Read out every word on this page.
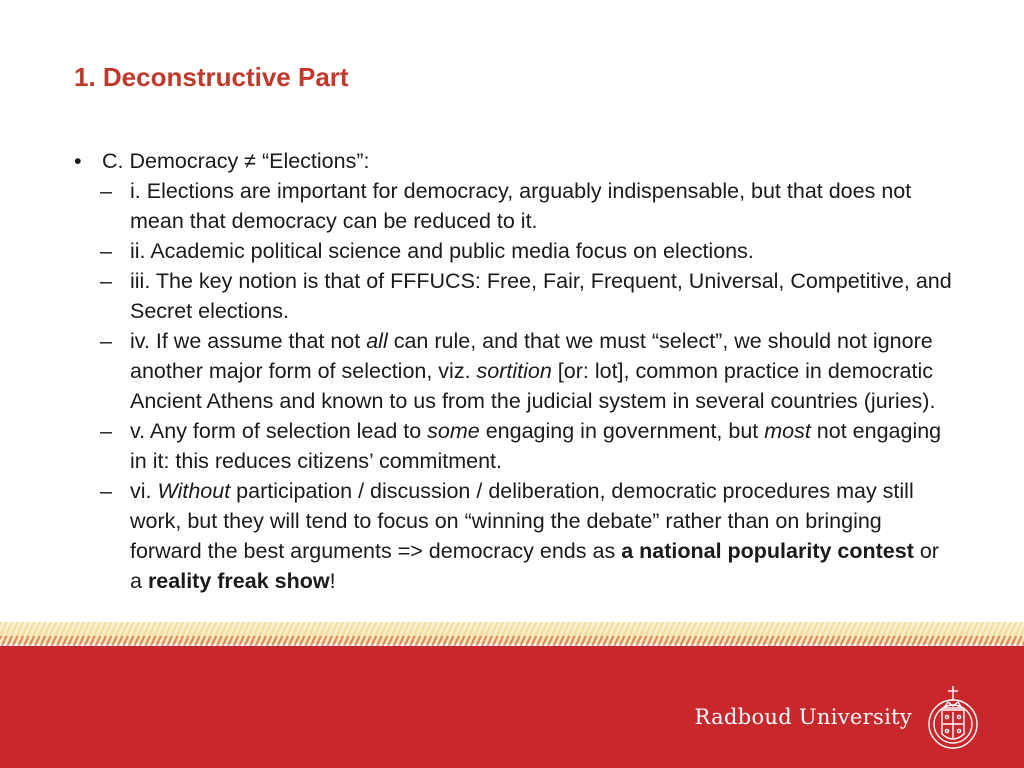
1. Deconstructive Part
• C. Democracy ≠ “Elections”:
– i. Elections are important for democracy, arguably indispensable, but that does not mean that democracy can be reduced to it.
– ii. Academic political science and public media focus on elections.
– iii. The key notion is that of FFFUCS: Free, Fair, Frequent, Universal, Competitive, and Secret elections.
– iv. If we assume that not all can rule, and that we must “select”, we should not ignore another major form of selection, viz. sortition [or: lot], common practice in democratic Ancient Athens and known to us from the judicial system in several countries (juries).
– v. Any form of selection lead to some engaging in government, but most not engaging in it: this reduces citizens’ commitment.
– vi. Without participation / discussion / deliberation, democratic procedures may still work, but they will tend to focus on “winning the debate” rather than on bringing forward the best arguments => democracy ends as a national popularity contest or a reality freak show!
Radboud University
